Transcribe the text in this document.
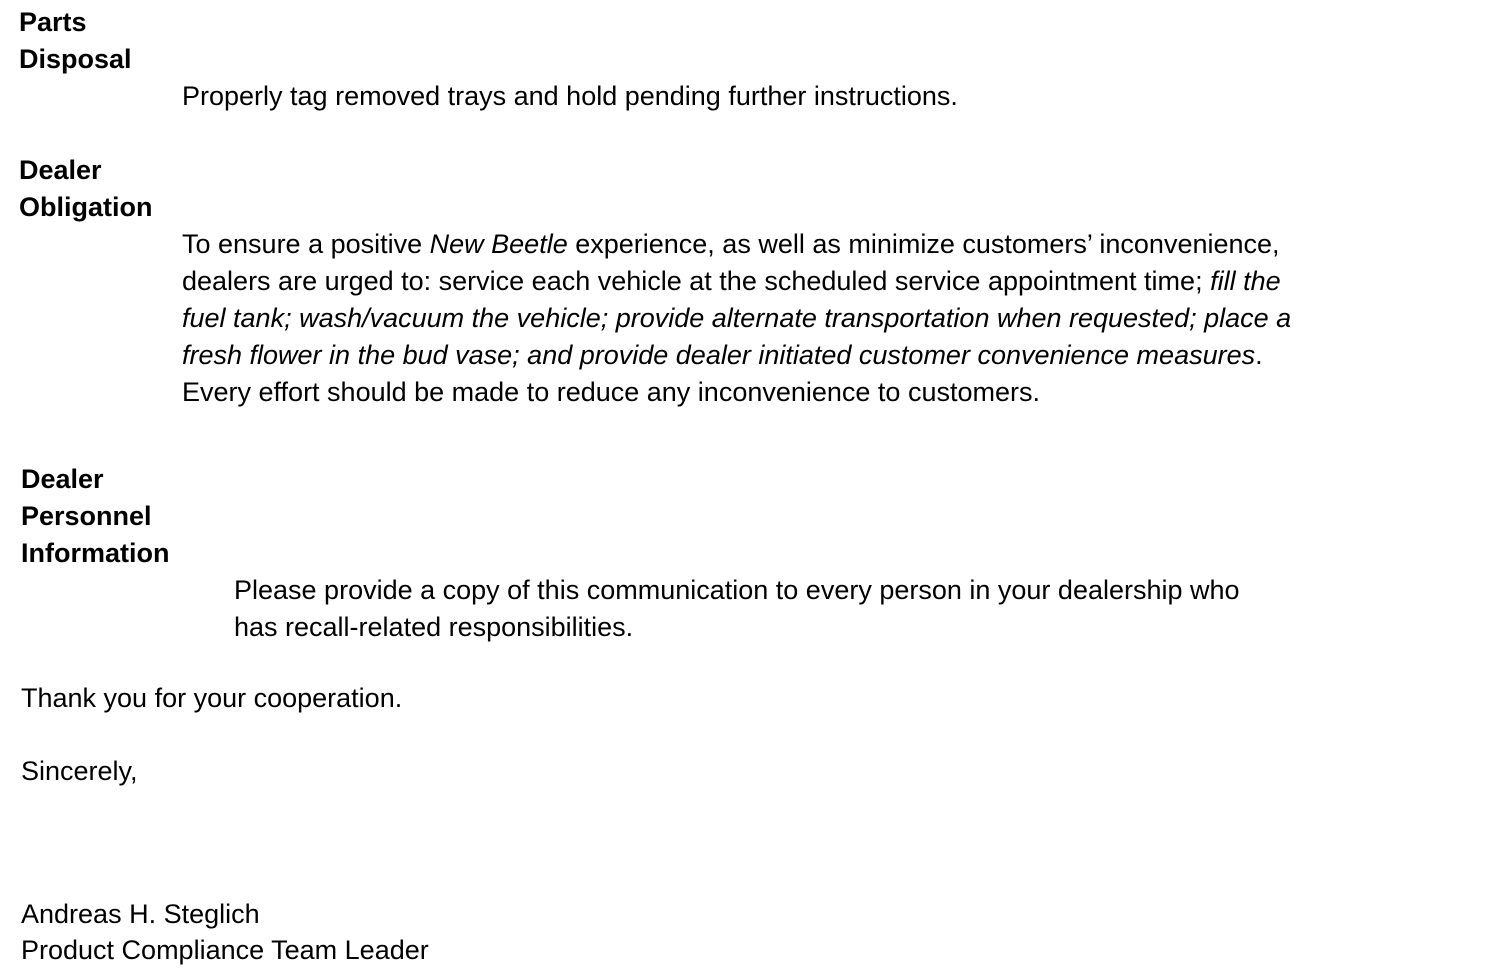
Parts
Disposal
Properly tag removed trays and hold pending further instructions.
Dealer
Obligation
To ensure a positive New Beetle experience, as well as minimize customers’ inconvenience,
dealers are urged to: service each vehicle at the scheduled service appointment time; fill the
fuel tank; wash/vacuum the vehicle; provide alternate transportation when requested; place a
fresh flower in the bud vase; and provide dealer initiated customer convenience measures.
Every effort should be made to reduce any inconvenience to customers.
Dealer
Personnel
Information
Please provide a copy of this communication to every person in your dealership who
has recall-related responsibilities.
Thank you for your cooperation.
Sincerely,
Andreas H. Steglich
Product Compliance Team Leader
